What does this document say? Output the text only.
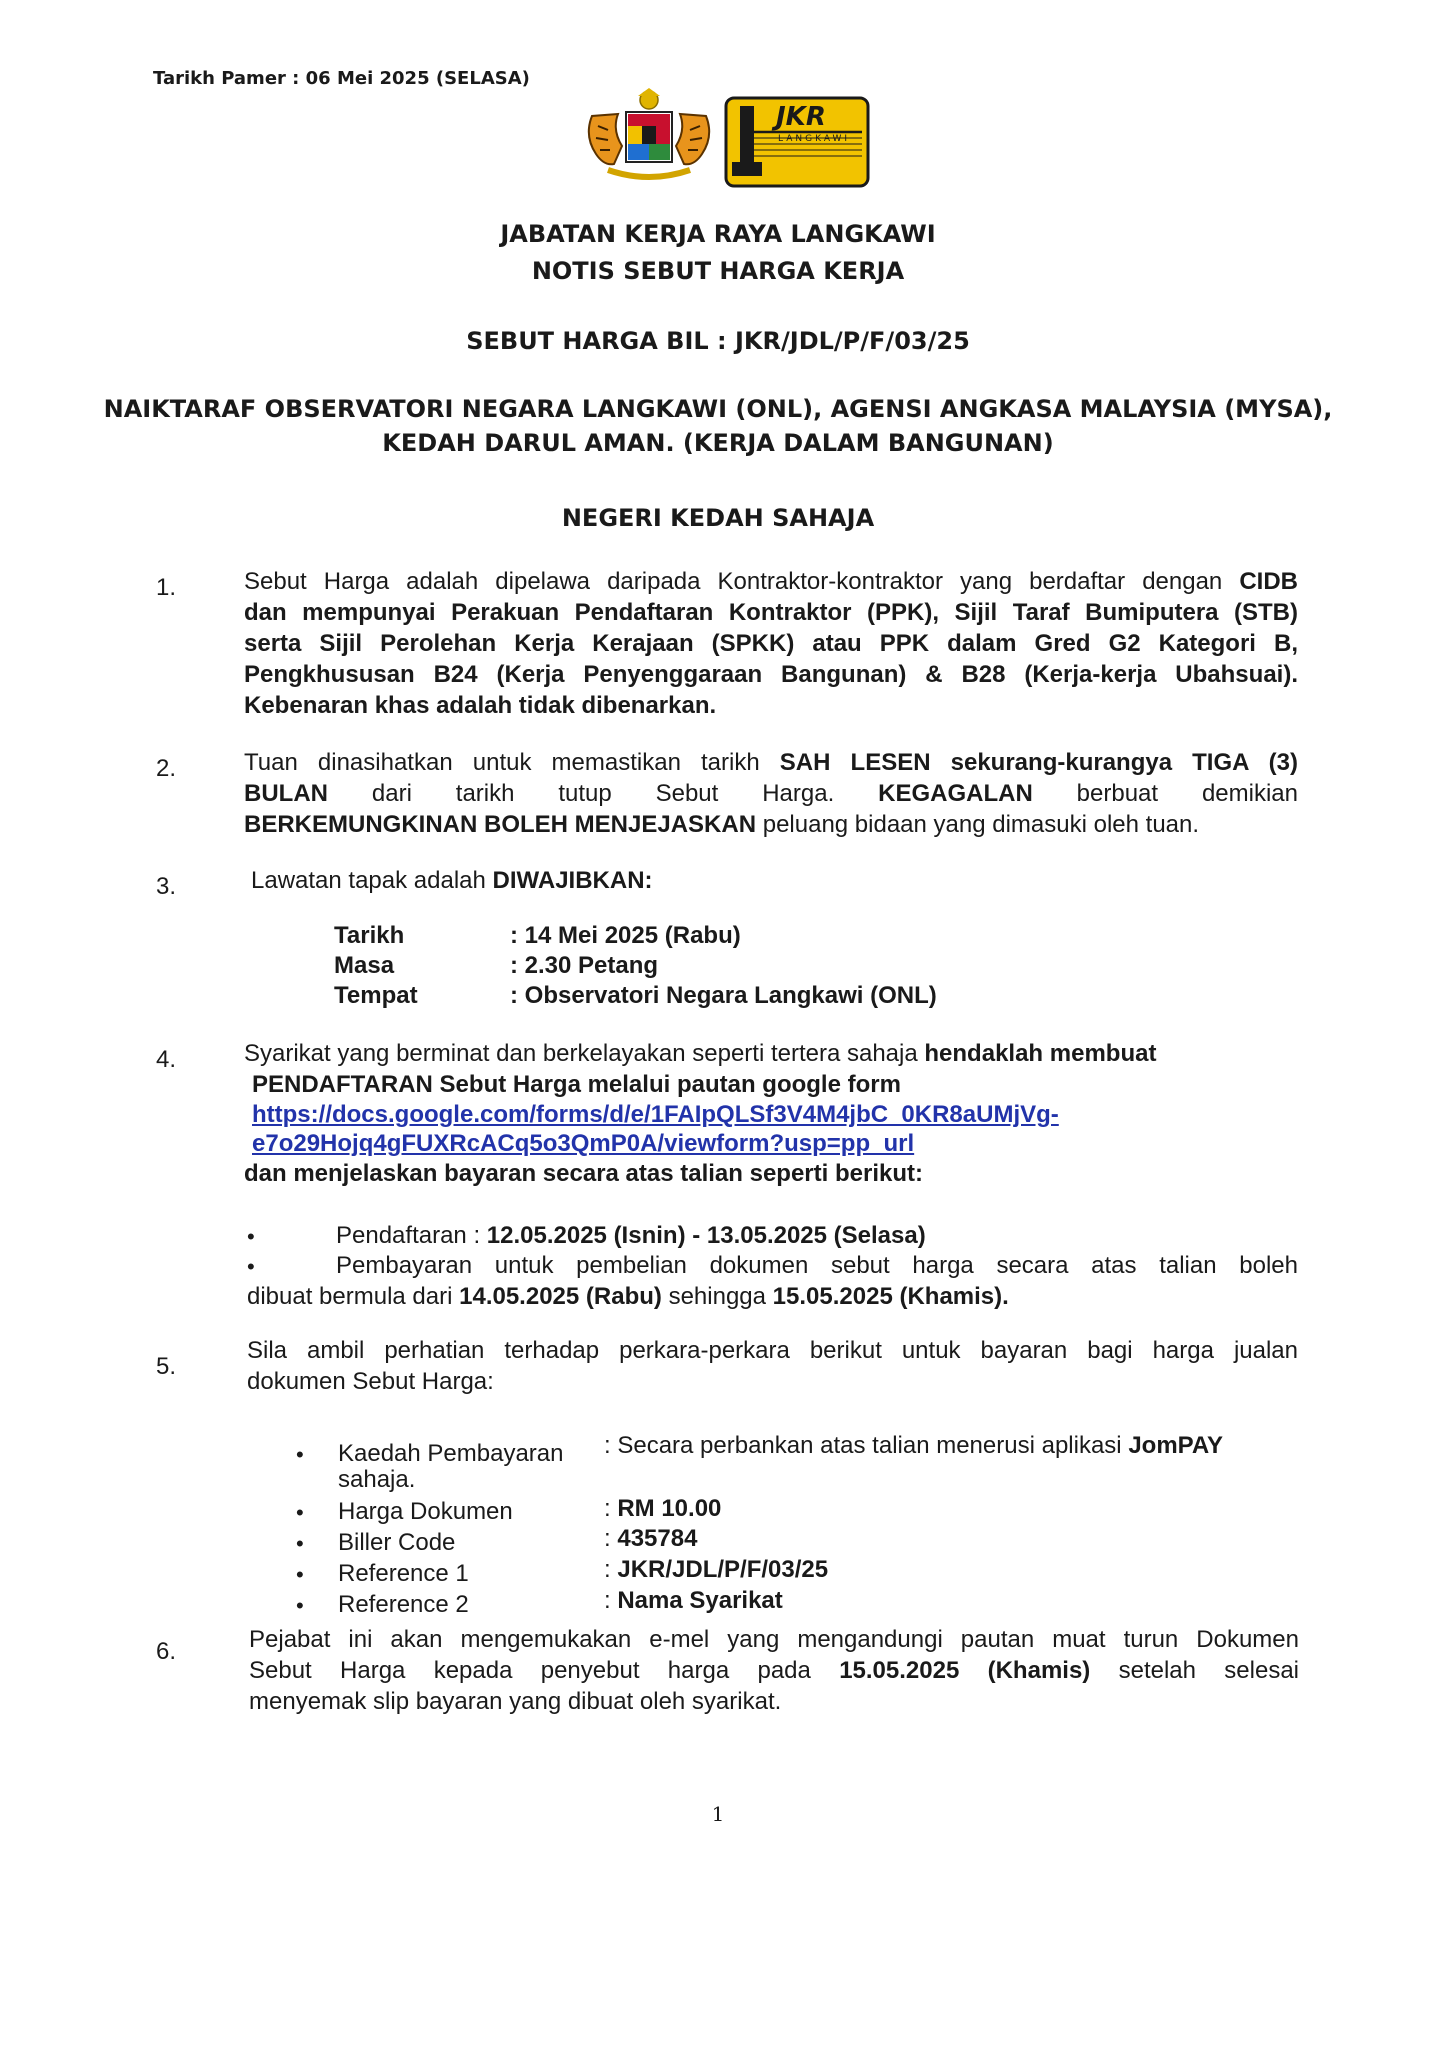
Tarikh Pamer : 06 Mei 2025 (SELASA)
JKR
LANGKAWI
JABATAN KERJA RAYA LANGKAWI
NOTIS SEBUT HARGA KERJA
SEBUT HARGA BIL : JKR/JDL/P/F/03/25
NAIKTARAF OBSERVATORI NEGARA LANGKAWI (ONL), AGENSI ANGKASA MALAYSIA (MYSA),
KEDAH DARUL AMAN. (KERJA DALAM BANGUNAN)
NEGERI KEDAH SAHAJA
1.	Sebut Harga adalah dipelawa daripada Kontraktor-kontraktor yang berdaftar dengan CIDB
dan mempunyai Perakuan Pendaftaran Kontraktor (PPK), Sijil Taraf Bumiputera (STB)
serta Sijil Perolehan Kerja Kerajaan (SPKK) atau PPK dalam Gred G2 Kategori B,
Pengkhususan B24 (Kerja Penyenggaraan Bangunan) & B28 (Kerja-kerja Ubahsuai).
Kebenaran khas adalah tidak dibenarkan.
2.	Tuan dinasihatkan untuk memastikan tarikh SAH LESEN sekurang-kurangya TIGA (3)
BULAN dari tarikh tutup Sebut Harga. KEGAGALAN berbuat demikian
BERKEMUNGKINAN BOLEH MENJEJASKAN peluang bidaan yang dimasuki oleh tuan.
3.	Lawatan tapak adalah DIWAJIBKAN:
Tarikh	: 14 Mei 2025 (Rabu)
Masa	: 2.30 Petang
Tempat	: Observatori Negara Langkawi (ONL)
4.	Syarikat yang berminat dan berkelayakan seperti tertera sahaja hendaklah membuat
PENDAFTARAN Sebut Harga melalui pautan google form
https://docs.google.com/forms/d/e/1FAIpQLSf3V4M4jbC_0KR8aUMjVg-
e7o29Hojq4gFUXRcACq5o3QmP0A/viewform?usp=pp_url
dan menjelaskan bayaran secara atas talian seperti berikut:
•	Pendaftaran : 12.05.2025 (Isnin) - 13.05.2025 (Selasa)
•	Pembayaran untuk pembelian dokumen sebut harga secara atas talian boleh
dibuat bermula dari 14.05.2025 (Rabu) sehingga 15.05.2025 (Khamis).
5.
Sila ambil perhatian terhadap perkara-perkara berikut untuk bayaran bagi harga jualan
dokumen Sebut Harga:
• Kaedah Pembayaran : Secara perbankan atas talian menerusi aplikasi JomPAY
sahaja.
• Harga Dokumen	: RM 10.00
• Biller Code	: 435784
• Reference 1	: JKR/JDL/P/F/03/25
• Reference 2	: Nama Syarikat
6.	Pejabat ini akan mengemukakan e-mel yang mengandungi pautan muat turun Dokumen
Sebut Harga kepada penyebut harga pada 15.05.2025 (Khamis) setelah selesai
menyemak slip bayaran yang dibuat oleh syarikat.
1
